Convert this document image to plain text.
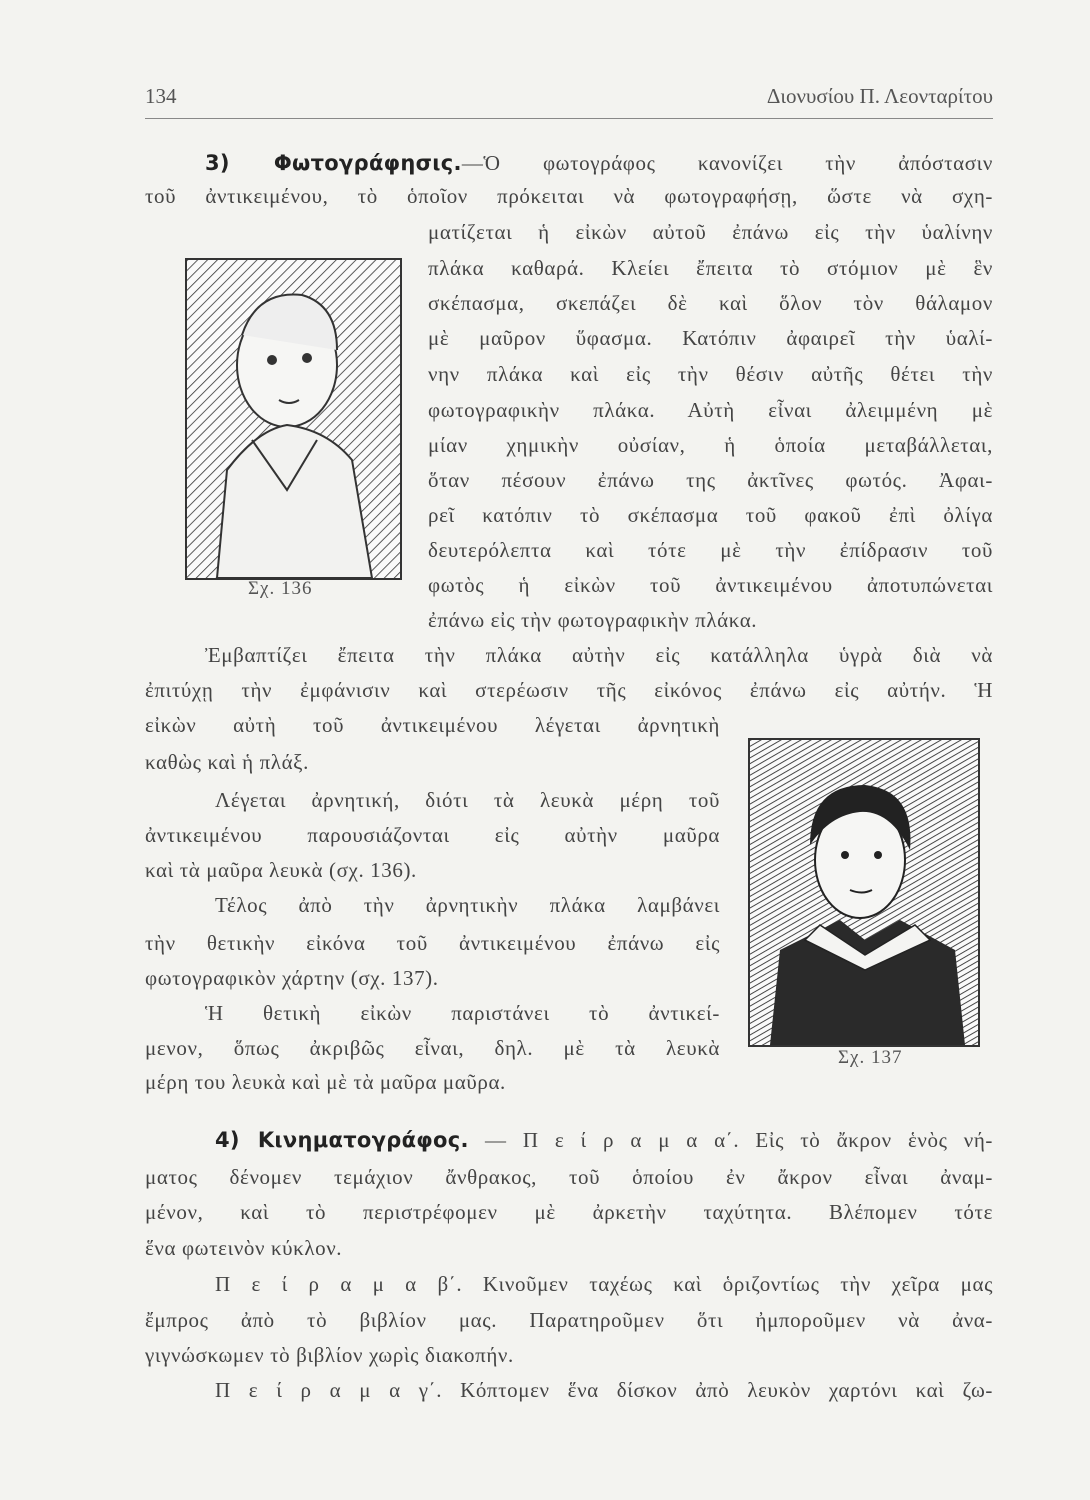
134	Διονυσίου Π. Λεονταρίτου
Σχ. 136
Σχ. 137
3) Φωτογράφησις.—Ὁ φωτογράφος κανονίζει τὴν ἀπόστασιν
τοῦ ἀντικειμένου, τὸ ὁποῖον πρόκειται νὰ φωτογραφήσῃ, ὥστε νὰ σχη-
ματίζεται ἡ εἰκὼν αὐτοῦ ἐπάνω εἰς τὴν ὑαλίνην
πλάκα καθαρά. Κλείει ἔπειτα τὸ στόμιον μὲ ἓν
σκέπασμα, σκεπάζει δὲ καὶ ὅλον τὸν θάλαμον
μὲ μαῦρον ὕφασμα. Κατόπιν ἀφαιρεῖ τὴν ὑαλί-
νην πλάκα καὶ εἰς τὴν θέσιν αὐτῆς θέτει τὴν
φωτογραφικὴν πλάκα. Αὐτὴ εἶναι ἀλειμμένη μὲ
μίαν χημικὴν οὐσίαν, ἡ ὁποία μεταβάλλεται,
ὅταν πέσουν ἐπάνω της ἀκτῖνες φωτός. Ἀφαι-
ρεῖ κατόπιν τὸ σκέπασμα τοῦ φακοῦ ἐπὶ ὀλίγα
δευτερόλεπτα καὶ τότε μὲ τὴν ἐπίδρασιν τοῦ
φωτὸς ἡ εἰκὼν τοῦ ἀντικειμένου ἀποτυπώνεται
ἐπάνω εἰς τὴν φωτογραφικὴν πλάκα.
Ἐμβαπτίζει ἔπειτα τὴν πλάκα αὐτὴν εἰς κατάλληλα ὑγρὰ διὰ νὰ
ἐπιτύχῃ τὴν ἐμφάνισιν καὶ στερέωσιν τῆς εἰκόνος ἐπάνω εἰς αὐτήν. Ἡ
εἰκὼν αὐτὴ τοῦ ἀντικειμένου λέγεται ἀρνητικὴ
καθὼς καὶ ἡ πλάξ.
Λέγεται ἀρνητική, διότι τὰ λευκὰ μέρη τοῦ
ἀντικειμένου παρουσιάζονται εἰς αὐτὴν μαῦρα
καὶ τὰ μαῦρα λευκὰ (σχ. 136).
Τέλος ἀπὸ τὴν ἀρνητικὴν πλάκα λαμβάνει
τὴν θετικὴν εἰκόνα τοῦ ἀντικειμένου ἐπάνω εἰς
φωτογραφικὸν χάρτην (σχ. 137).
Ἡ θετικὴ εἰκὼν παριστάνει τὸ ἀντικεί-
μενον, ὅπως ἀκριβῶς εἶναι, δηλ. μὲ τὰ λευκὰ
μέρη του λευκὰ καὶ μὲ τὰ μαῦρα μαῦρα.
4) Κινηματογράφος. — Π ε ί ρ α μ α α΄. Εἰς τὸ ἄκρον ἑνὸς νή-
ματος δένομεν τεμάχιον ἄνθρακος, τοῦ ὁποίου ἐν ἄκρον εἶναι ἀναμ-
μένον, καὶ τὸ περιστρέφομεν μὲ ἀρκετὴν ταχύτητα. Βλέπομεν τότε
ἕνα φωτεινὸν κύκλον.
Π ε ί ρ α μ α β΄. Κινοῦμεν ταχέως καὶ ὁριζοντίως τὴν χεῖρα μας
ἔμπρος ἀπὸ τὸ βιβλίον μας. Παρατηροῦμεν ὅτι ἠμποροῦμεν νὰ ἀνα-
γιγνώσκωμεν τὸ βιβλίον χωρὶς διακοπήν.
Π ε ί ρ α μ α γ΄. Κόπτομεν ἕνα δίσκον ἀπὸ λευκὸν χαρτόνι καὶ ζω-
